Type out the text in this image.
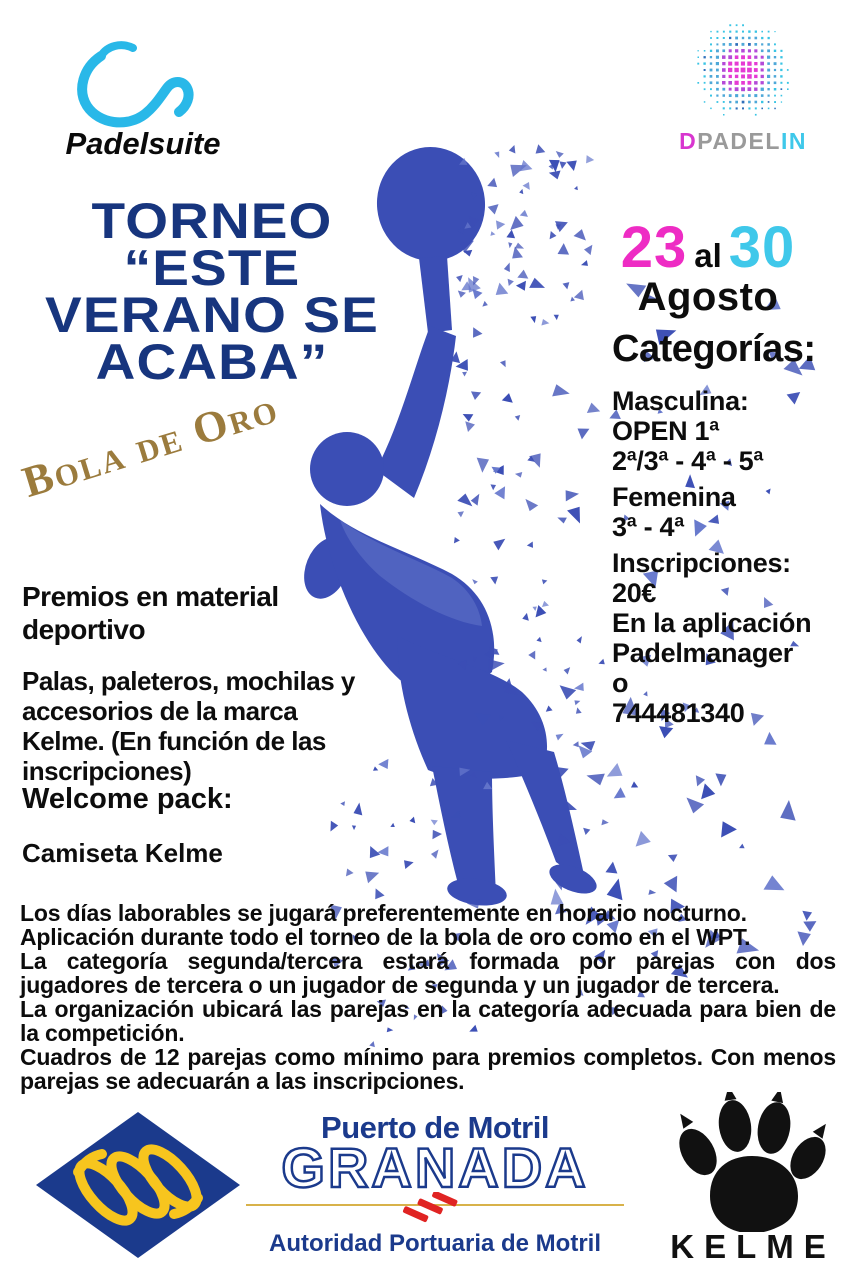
Padelsuite	DPADELIN
TORNEO
“ESTE
VERANO SE
ACABA”
Bola de Oro
23 al 30
Agosto
Categorías:
Masculina:
OPEN 1ª
2ª/3ª - 4ª - 5ª
Femenina
3ª - 4ª
Inscripciones:
20€
En la aplicación
Padelmanager
o
744481340
Premios en material
deportivo
Palas, paleteros, mochilas y
accesorios de la marca
Kelme. (En función de las
inscripciones)
Welcome pack:
Camiseta Kelme

Los días laborables se jugará preferentemente en horario nocturno.

Aplicación durante todo el torneo de la bola de oro como en el WPT.

La categoría segunda/tercera estará formada por parejas con dos jugadores de tercera o un jugador de segunda y un jugador de tercera.

La organización ubicará las parejas en la categoría adecuada para bien de la competición.

Cuadros de 12 parejas como mínimo para premios completos. Con menos parejas se adecuarán a las inscripciones.

Puerto de Motril
GRANADA
Autoridad Portuaria de Motril	KELME
